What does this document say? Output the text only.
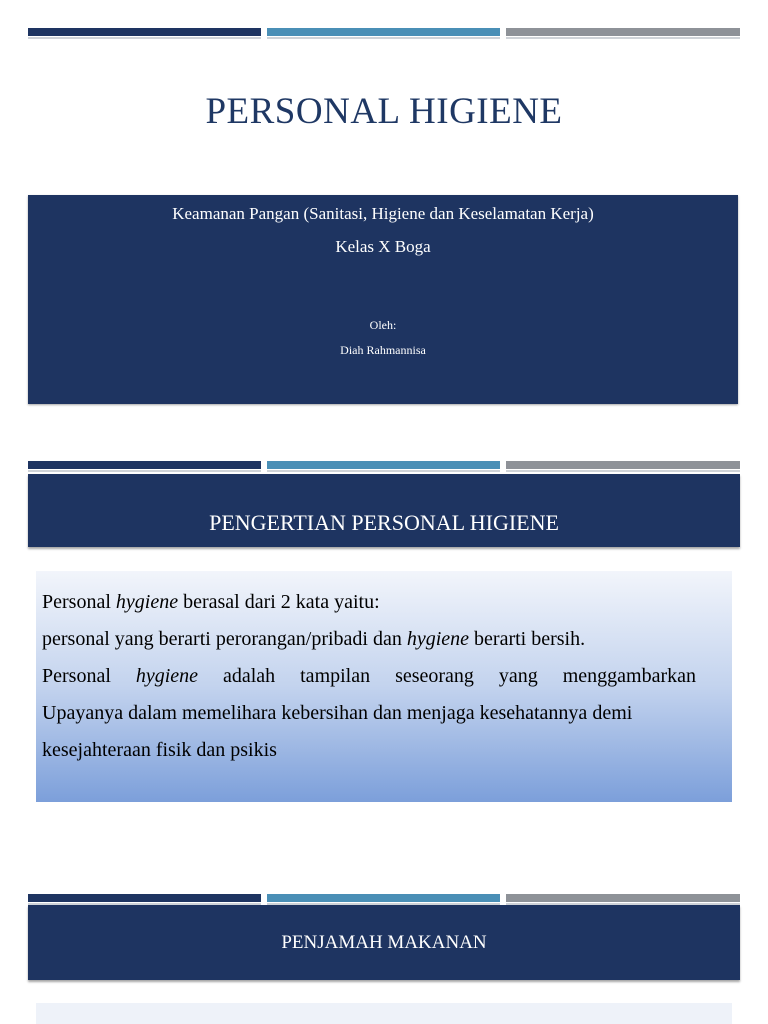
PERSONAL HIGIENE
Keamanan Pangan (Sanitasi, Higiene dan Keselamatan Kerja)
Kelas X Boga
Oleh:
Diah Rahmannisa
PENGERTIAN PERSONAL HIGIENE
Personal hygiene berasal dari 2 kata yaitu:
personal yang berarti perorangan/pribadi dan hygiene berarti bersih.
Personal hygiene adalah tampilan seseorang yang menggambarkan
Upayanya dalam memelihara kebersihan dan menjaga kesehatannya demi
kesejahteraan fisik dan psikis
PENJAMAH MAKANAN
